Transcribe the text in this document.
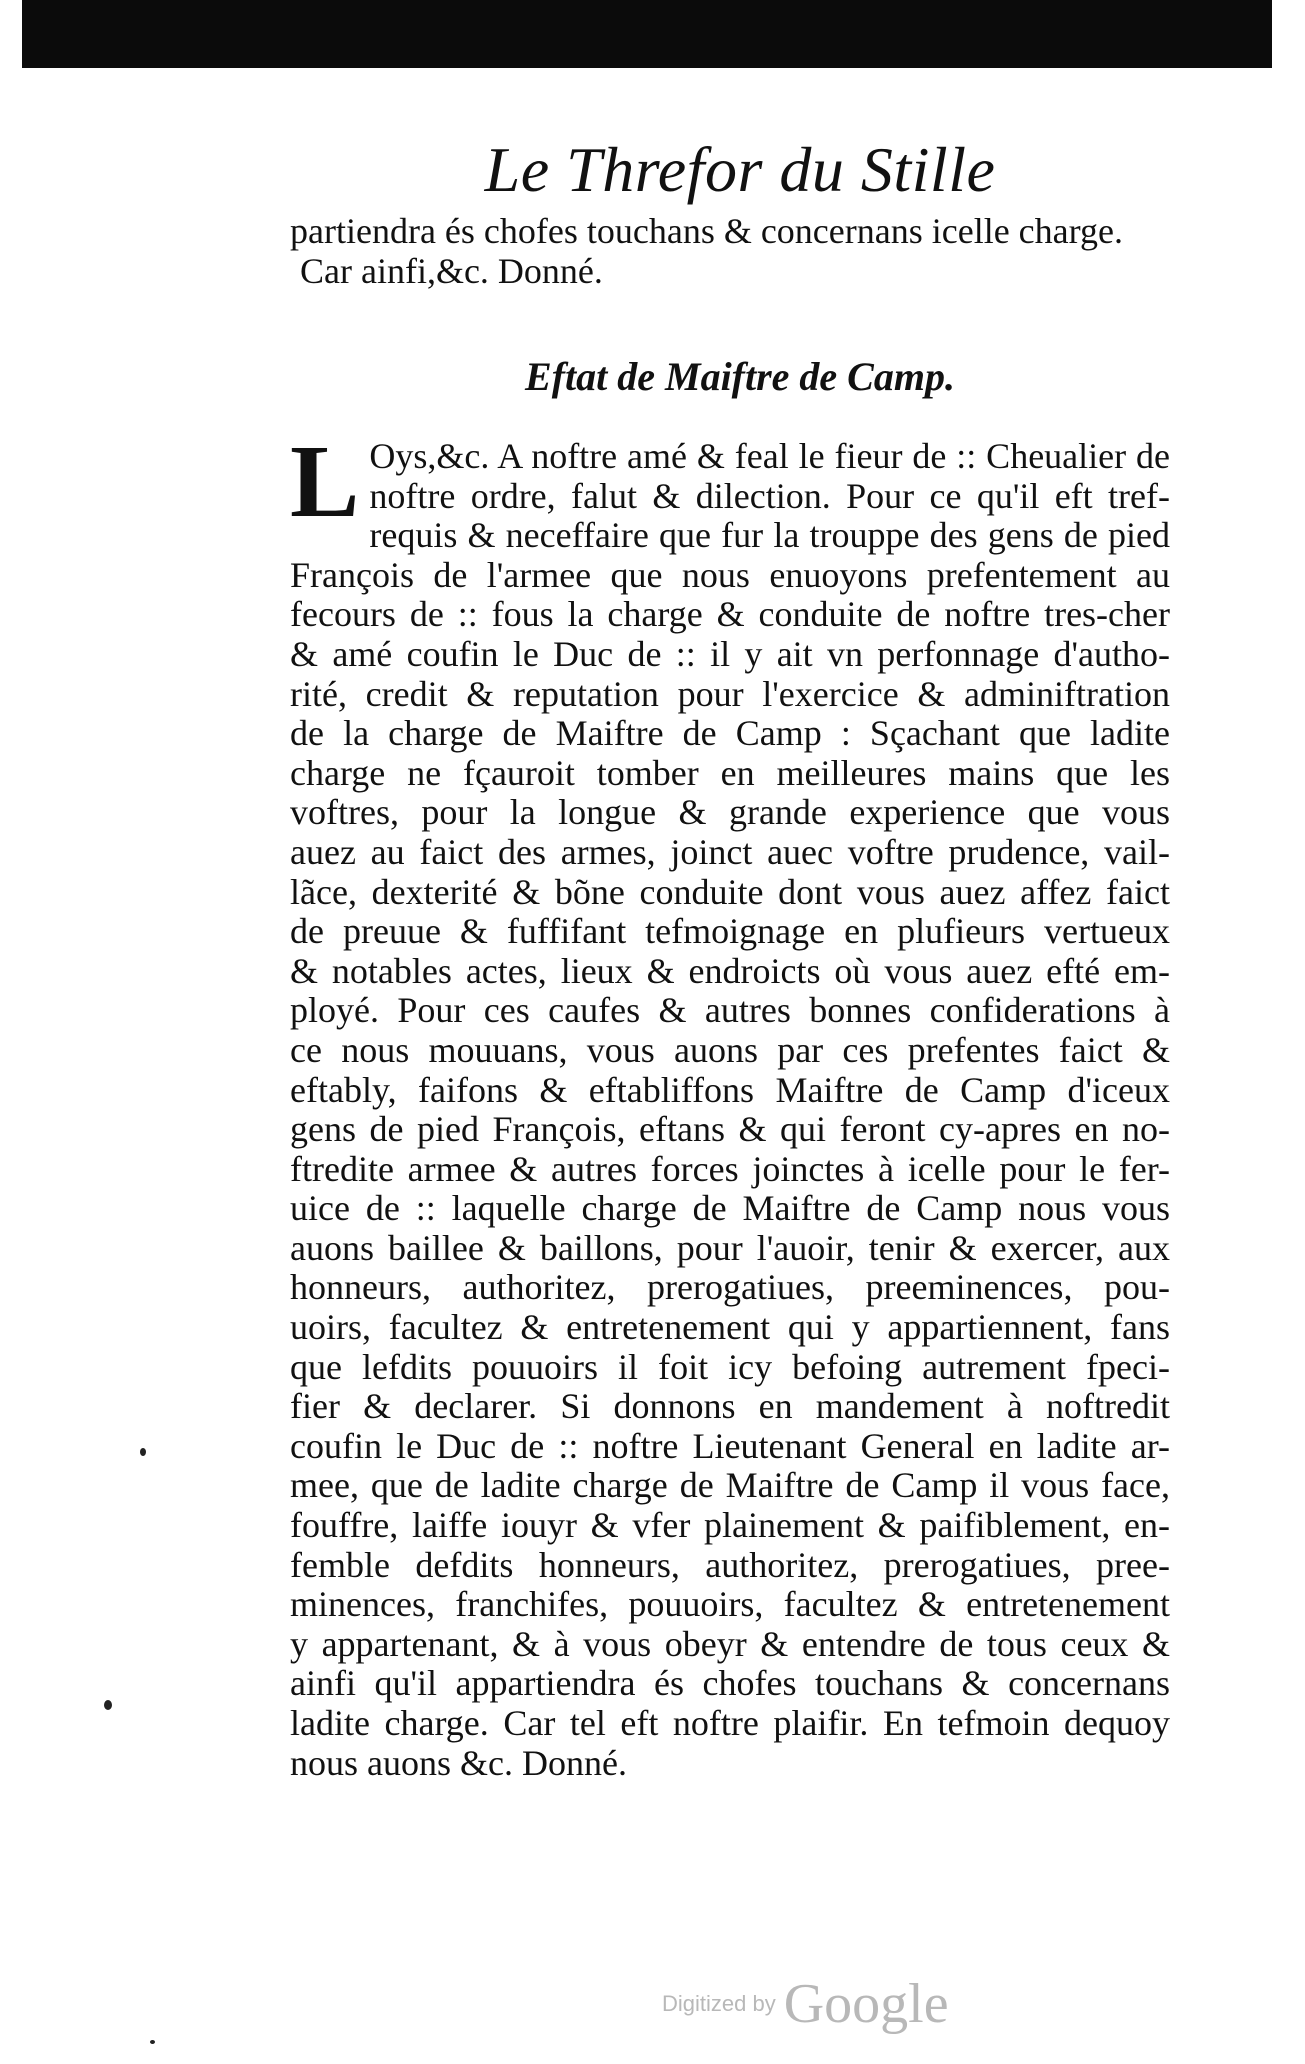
Le Threfor du Stille
partiendra és chofes touchans & concernans icelle charge.
Car ainfi,&c. Donné.
Eftat de Maiftre de Camp.
L Oys,&c. A noftre amé & feal le fieur de :: Cheualier de
noftre ordre, falut & dilection. Pour ce qu'il eft tref-
requis & neceffaire que fur la trouppe des gens de pied
François de l'armee que nous enuoyons prefentement au
fecours de :: fous la charge & conduite de noftre tres-cher
& amé coufin le Duc de :: il y ait vn perfonnage d'autho-
rité, credit & reputation pour l'exercice & adminiftration
de la charge de Maiftre de Camp : Sçachant que ladite
charge ne fçauroit tomber en meilleures mains que les
voftres, pour la longue & grande experience que vous
auez au faict des armes, joinct auec voftre prudence, vail-
lãce, dexterité & bõne conduite dont vous auez affez faict
de preuue & fuffifant tefmoignage en plufieurs vertueux
& notables actes, lieux & endroicts où vous auez efté em-
ployé. Pour ces caufes & autres bonnes confiderations à
ce nous mouuans, vous auons par ces prefentes faict &
eftably, faifons & eftabliffons Maiftre de Camp d'iceux
gens de pied François, eftans & qui feront cy-apres en no-
ftredite armee & autres forces joinctes à icelle pour le fer-
uice de :: laquelle charge de Maiftre de Camp nous vous
auons baillee & baillons, pour l'auoir, tenir & exercer, aux
honneurs, authoritez, prerogatiues, preeminences, pou-
uoirs, facultez & entretenement qui y appartiennent, fans
que lefdits pouuoirs il foit icy befoing autrement fpeci-
fier & declarer. Si donnons en mandement à noftredit
coufin le Duc de :: noftre Lieutenant General en ladite ar-
mee, que de ladite charge de Maiftre de Camp il vous face,
fouffre, laiffe iouyr & vfer plainement & paifiblement, en-
femble defdits honneurs, authoritez, prerogatiues, pree-
minences, franchifes, pouuoirs, facultez & entretenement
y appartenant, & à vous obeyr & entendre de tous ceux &
ainfi qu'il appartiendra és chofes touchans & concernans
ladite charge. Car tel eft noftre plaifir. En tefmoin dequoy
nous auons &c. Donné.
Digitized by Google
